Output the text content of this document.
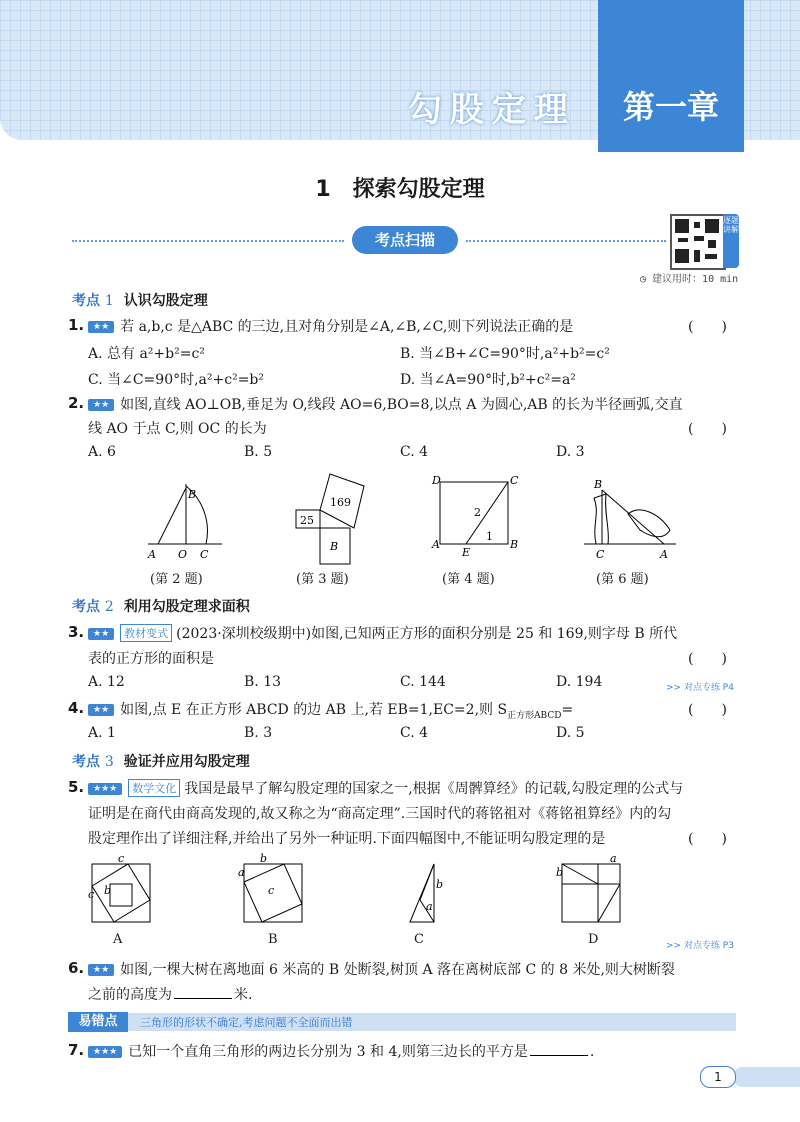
勾股定理	第一章
1　探索勾股定理
考点扫描
逐题讲解
◷ 建议用时：10 min
考点 1 认识勾股定理
1. ★★ 若 a,b,c 是△ABC 的三边,且对角分别是∠A,∠B,∠C,则下列说法正确的是	(　　)
A. 总有 a²+b²=c²	B. 当∠B+∠C=90°时,a²+b²=c²
C. 当∠C=90°时,a²+c²=b²	D. 当∠A=90°时,b²+c²=a²
2. ★★ 如图,直线 AO⊥OB,垂足为 O,线段 AO=6,BO=8,以点 A 为圆心,AB 的长为半径画弧,交直
线 AO 于点 C,则 OC 的长为	(　　)
A. 6	B. 5	C. 4	D. 3
B
A O C
25
169
B
D	C
A
E
B
2
1
B
C	A
(第 2 题)	(第 3 题)	(第 4 题)	(第 6 题)
考点 2 利用勾股定理求面积
3. ★★ 教材变式 (2023·深圳校级期中)如图,已知两正方形的面积分别是 25 和 169,则字母 B 所代
表的正方形的面积是	(　　)
A. 12	B. 13	C. 144	D. 194	>> 对点专练 P4
4. ★★ 如图,点 E 在正方形 ABCD 的边 AB 上,若 EB=1,EC=2,则 $S_{正方形ABCD}=$	(　　)
A. 1	B. 3	C. 4	D. 5
考点 3 验证并应用勾股定理
5. ★★★ 数学文化 我国是最早了解勾股定理的国家之一,根据《周髀算经》的记载,勾股定理的公式与
证明是在商代由商高发现的,故又称之为“商高定理”.三国时代的蒋铭祖对《蒋铭祖算经》内的勾
股定理作出了详细注释,并给出了另外一种证明.下面四幅图中,不能证明勾股定理的是	(　　)
c
c b
a
b
c	b
a
b
a
A	B	C	D	>> 对点专练 P3
6. ★★ 如图,一棵大树在离地面 6 米高的 B 处断裂,树顶 A 落在离树底部 C 的 8 米处,则大树断裂
之前的高度为	米.
易错点	三角形的形状不确定,考虑问题不全面而出错
7. ★★★ 已知一个直角三角形的两边长分别为 3 和 4,则第三边长的平方是	.
1
